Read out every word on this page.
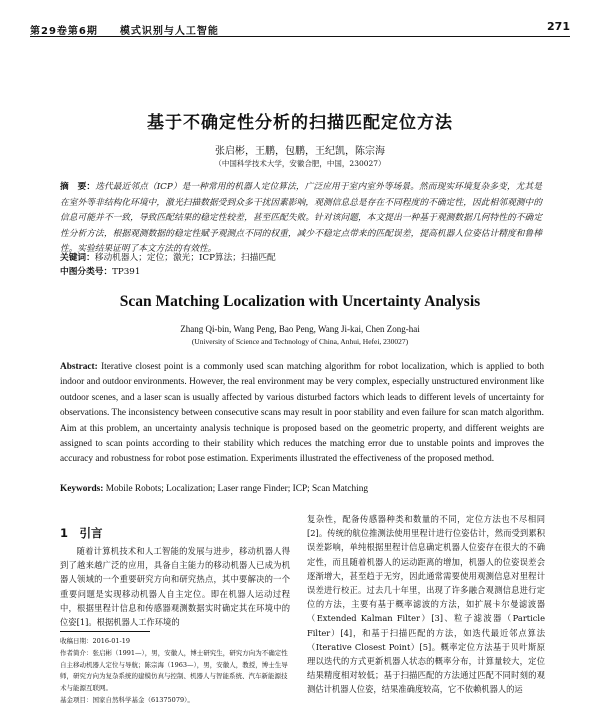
第29卷第6期　　模式识别与人工智能	271
基于不确定性分析的扫描匹配定位方法
张启彬，王鹏，包鹏，王纪凯，陈宗海
（中国科学技术大学，安徽合肥，中国，230027）
摘　要：迭代最近邻点（ICP）是一种常用的机器人定位算法，广泛应用于室内室外等场景。然而现实环境复杂多变，尤其是在室外等非结构化环境中，激光扫描数据受到众多干扰因素影响，观测信息总是存在不同程度的不确定性，因此相邻观测中的信息可能并不一致，导致匹配结果的稳定性较差，甚至匹配失败。针对该问题，本文提出一种基于观测数据几何特性的不确定性分析方法，根据观测数据的稳定性赋予观测点不同的权重，减少不稳定点带来的匹配误差，提高机器人位姿估计精度和鲁棒性。实验结果证明了本文方法的有效性。
关键词：移动机器人；定位；激光；ICP算法；扫描匹配
中图分类号：TP391
Scan Matching Localization with Uncertainty Analysis
Zhang Qi-bin, Wang Peng, Bao Peng, Wang Ji-kai, Chen Zong-hai
(University of Science and Technology of China, Anhui, Hefei, 230027)
Abstract: Iterative closest point is a commonly used scan matching algorithm for robot localization, which is applied to both indoor and outdoor environments. However, the real environment may be very complex, especially unstructured environment like outdoor scenes, and a laser scan is usually affected by various disturbed factors which leads to different levels of uncertainty for observations. The inconsistency between consecutive scans may result in poor stability and even failure for scan match algorithm. Aim at this problem, an uncertainty analysis technique is proposed based on the geometric property, and different weights are assigned to scan points according to their stability which reduces the matching error due to unstable points and improves the accuracy and robustness for robot pose estimation. Experiments illustrated the effectiveness of the proposed method.
Keywords: Mobile Robots; Localization; Laser range Finder; ICP; Scan Matching
1　引言
随着计算机技术和人工智能的发展与进步，移动机器人得到了越来越广泛的应用，具备自主能力的移动机器人已成为机器人领域的一个重要研究方向和研究热点，其中要解决的一个重要问题是实现移动机器人自主定位。即在机器人运动过程中，根据里程计信息和传感器观测数据实时确定其在环境中的位姿[1]。根据机器人工作环境的
复杂性，配备传感器种类和数量的不同，定位方法也不尽相同[2]。传统的航位推测法使用里程计进行位姿估计，然而受到累积误差影响，单纯根据里程计信息确定机器人位姿存在很大的不确定性，而且随着机器人的运动距离的增加，机器人的位姿误差会逐渐增大，甚至趋于无穷，因此通常需要使用观测信息对里程计误差进行校正。过去几十年里，出现了许多融合观测信息进行定位的方法，主要有基于概率滤波的方法，如扩展卡尔曼滤波器（Extended Kalman Filter）[3]、粒子滤波器（Particle Filter）[4]，和基于扫描匹配的方法，如迭代最近邻点算法（Iterative Closest Point）[5]。概率定位方法基于贝叶斯原理以迭代的方式更新机器人状态的概率分布，计算量较大，定位结果精度相对较低；基于扫描匹配的方法通过匹配不同时刻的观测估计机器人位姿，结果准确度较高，它不依赖机器人的运

收稿日期：2016-01-19

作者简介：张启彬（1991—），男，安徽人，博士研究生，研究方向为不确定性自主移动机器人定位与导航；陈宗海（1963—），男，安徽人，教授，博士生导师，研究方向为复杂系统的建模仿真与控制、机器人与智能系统、汽车新能源技术与能源互联网。

基金项目：国家自然科学基金（61375079）。
